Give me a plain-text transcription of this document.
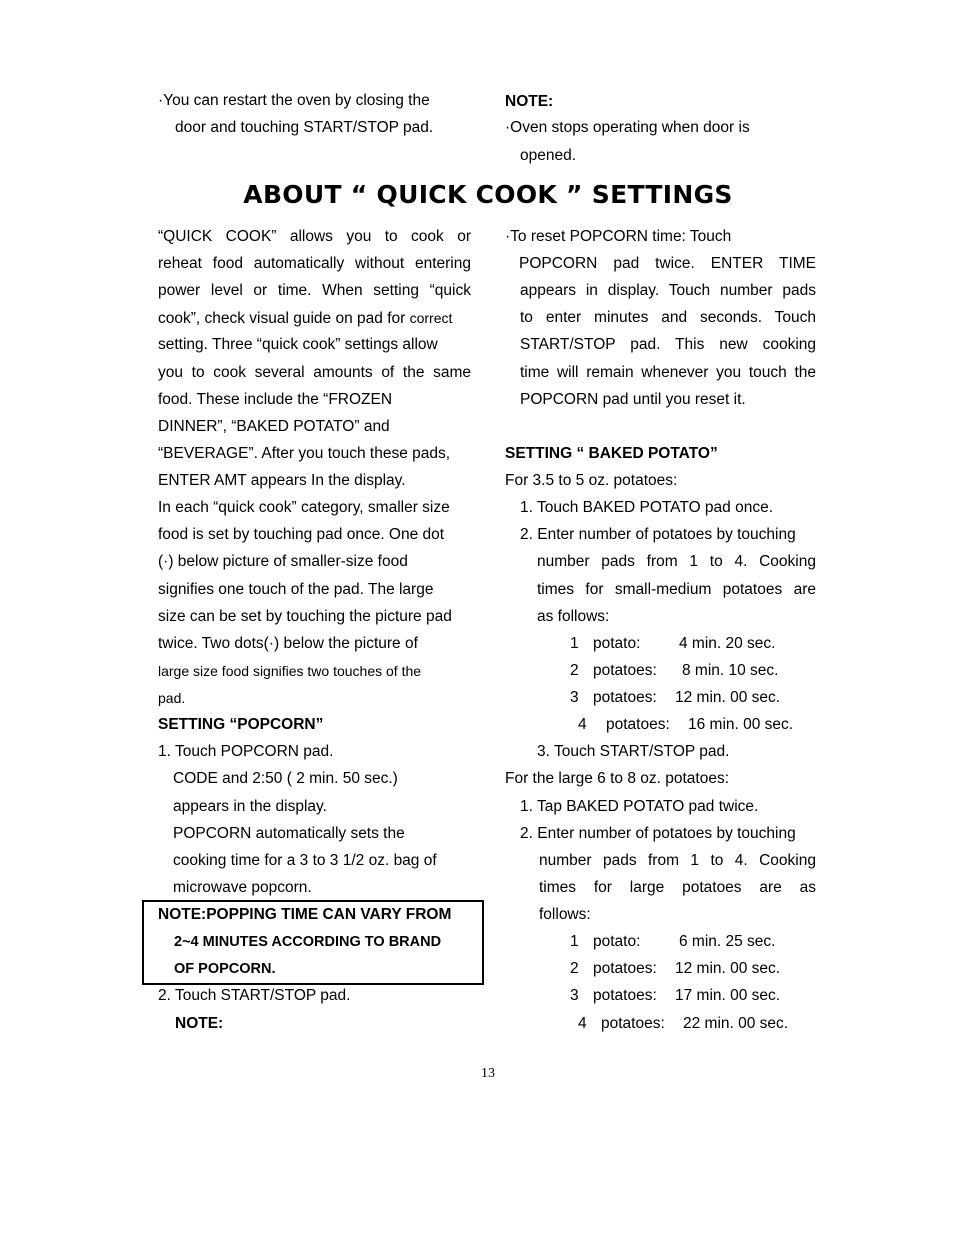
·You can restart the oven by closing the
door and touching START/STOP pad.
NOTE:
·Oven stops operating when door is
opened.
ABOUT “ QUICK COOK ” SETTINGS
“QUICK COOK” allows you to cook or
reheat food automatically without entering
power level or time. When setting “quick
cook”, check visual guide on pad for correct
setting. Three “quick cook” settings allow
you to cook several amounts of the same
food. These include the “FROZEN
DINNER”, “BAKED POTATO” and
“BEVERAGE”. After you touch these pads,
ENTER AMT appears In the display.
In each “quick cook” category, smaller size
food is set by touching pad once. One dot
(·) below picture of smaller-size food
signifies one touch of the pad. The large
size can be set by touching the picture pad
twice. Two dots(·) below the picture of
large size food signifies two touches of the
pad.
SETTING “POPCORN”
1. Touch POPCORN pad.
CODE and 2:50 ( 2 min. 50 sec.)
appears in the display.
POPCORN automatically sets the
cooking time for a 3 to 3 1/2 oz. bag of
microwave popcorn.
NOTE:POPPING TIME CAN VARY FROM
2~4 MINUTES ACCORDING TO BRAND
OF POPCORN.
2. Touch START/STOP pad.
NOTE:
·To reset POPCORN time: Touch
POPCORN pad twice. ENTER TIME
appears in display. Touch number pads
to enter minutes and seconds. Touch
START/STOP pad. This new cooking
time will remain whenever you touch the
POPCORN pad until you reset it.
SETTING “ BAKED POTATO”
For 3.5 to 5 oz. potatoes:
1. Touch BAKED POTATO pad once.
2. Enter number of potatoes by touching
number pads from 1 to 4. Cooking
times for small-medium potatoes are
as follows:
1 potato: 4 min. 20 sec.
2 potatoes: 8 min. 10 sec.
3 potatoes: 12 min. 00 sec.
4 potatoes: 16 min. 00 sec.
3. Touch START/STOP pad.
For the large 6 to 8 oz. potatoes:
1. Tap BAKED POTATO pad twice.
2. Enter number of potatoes by touching
number pads from 1 to 4. Cooking
times for large potatoes are as
follows:
1 potato: 6 min. 25 sec.
2 potatoes: 12 min. 00 sec.
3 potatoes: 17 min. 00 sec.
4 potatoes: 22 min. 00 sec.
13
